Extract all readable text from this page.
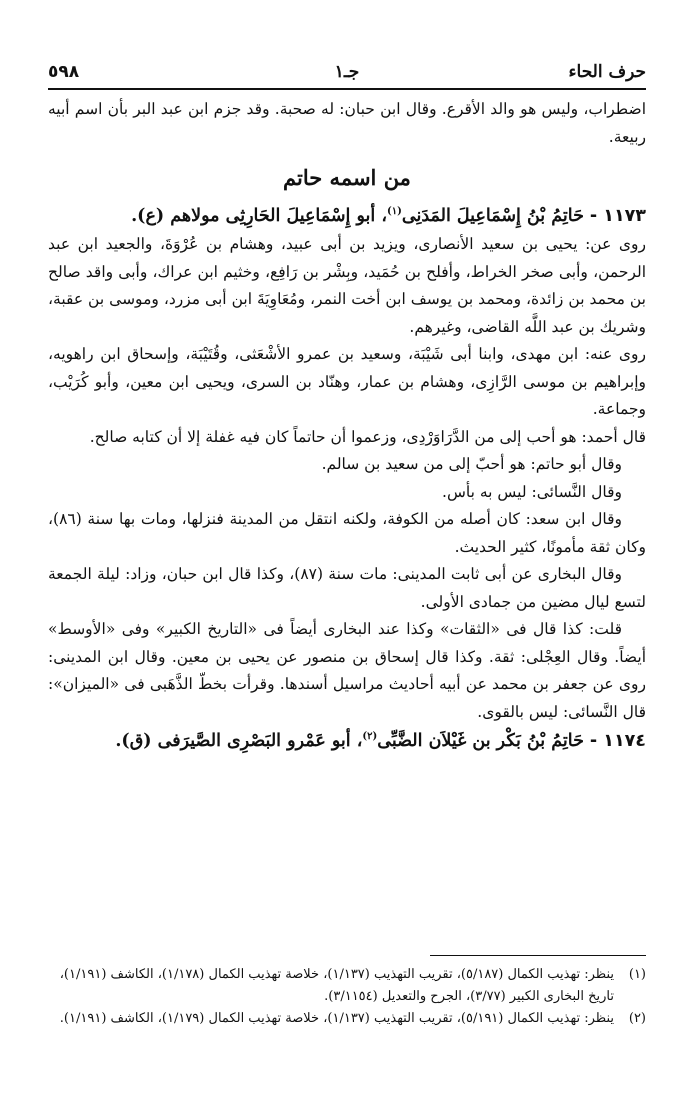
حرف الحاء
جـ١
٥٩٨

اضطراب، وليس هو والد الأقرع. وقال ابن حبان: له صحبة. وقد جزم ابن عبد البر بأن اسم أبيه ربيعة.

من اسمه حاتم
١١٧٣ -حَاتِمُ بْنُ إِسْمَاعِيلَ المَدَنِى$^{(١)}$، أبو إِسْمَاعِيلَ الحَارِثِى مولاهم (ع).

روى عن: يحيى بن سعيد الأنصارى، ويزيد بن أبى عبيد، وهشام بن عُرْوَةَ، والجعيد ابن عبد الرحمن، وأبى صخر الخراط، وأفلح بن حُمَيد، وبِشْر بن رَافِع، وخثيم ابن عراك، وأبى واقد صالح بن محمد بن زائدة، ومحمد بن يوسف ابن أخت النمر، ومُعَاوِيَةَ ابن أبى مزرد، وموسى بن عقبة، وشريك بن عبد اللَّه القاضى، وغيرهم.

روى عنه: ابن مهدى، وابنا أبى شَيْبَة، وسعيد بن عمرو الأشْعَثى، وقُتَيْبَة، وإسحاق ابن راهويه، وإبراهيم بن موسى الرَّازِى، وهشام بن عمار، وهنّاد بن السرى، ويحيى ابن معين، وأبو كُرَيْب، وجماعة.

قال أحمد: هو أحب إلى من الدَّرَاوَرْدِى، وزعموا أن حاتماً كان فيه غفلة إلا أن كتابه صالح.

وقال أبو حاتم: هو أحبّ إلى من سعيد بن سالم.

وقال النَّسائى: ليس به بأس.

وقال ابن سعد: كان أصله من الكوفة، ولكنه انتقل من المدينة فنزلها، ومات بها سنة (٨٦)، وكان ثقة مأمونًا، كثير الحديث.

وقال البخارى عن أبى ثابت المدينى: مات سنة (٨٧)، وكذا قال ابن حبان، وزاد: ليلة الجمعة لتسع ليال مضين من جمادى الأولى.

قلت: كذا قال فى «الثقات» وكذا عند البخارى أيضاً فى «التاريخ الكبير» وفى «الأوسط» أيضاً. وقال العِجْلى: ثقة. وكذا قال إسحاق بن منصور عن يحيى بن معين. وقال ابن المدينى: روى عن جعفر بن محمد عن أبيه أحاديث مراسيل أسندها. وقرأت بخطّ الذَّهَبى فى «الميزان»: قال النَّسائى: ليس بالقوى.

١١٧٤ -حَاتِمُ بْنُ بَكْر بن غَيْلاَن الضَّبِّى$^{(٢)}$، أبو عَمْرو البَصْرِى الصَّيرَفى (ق).
(١)
ينظر: تهذيب الكمال (٥/١٨٧)، تقريب التهذيب (١/١٣٧)، خلاصة تهذيب الكمال (١/١٧٨)، الكاشف (١/١٩١)، تاريخ البخارى الكبير (٣/٧٧)، الجرح والتعديل (٣/١١٥٤).
(٢)
ينظر: تهذيب الكمال (٥/١٩١)، تقريب التهذيب (١/١٣٧)، خلاصة تهذيب الكمال (١/١٧٩)، الكاشف (١/١٩١).
